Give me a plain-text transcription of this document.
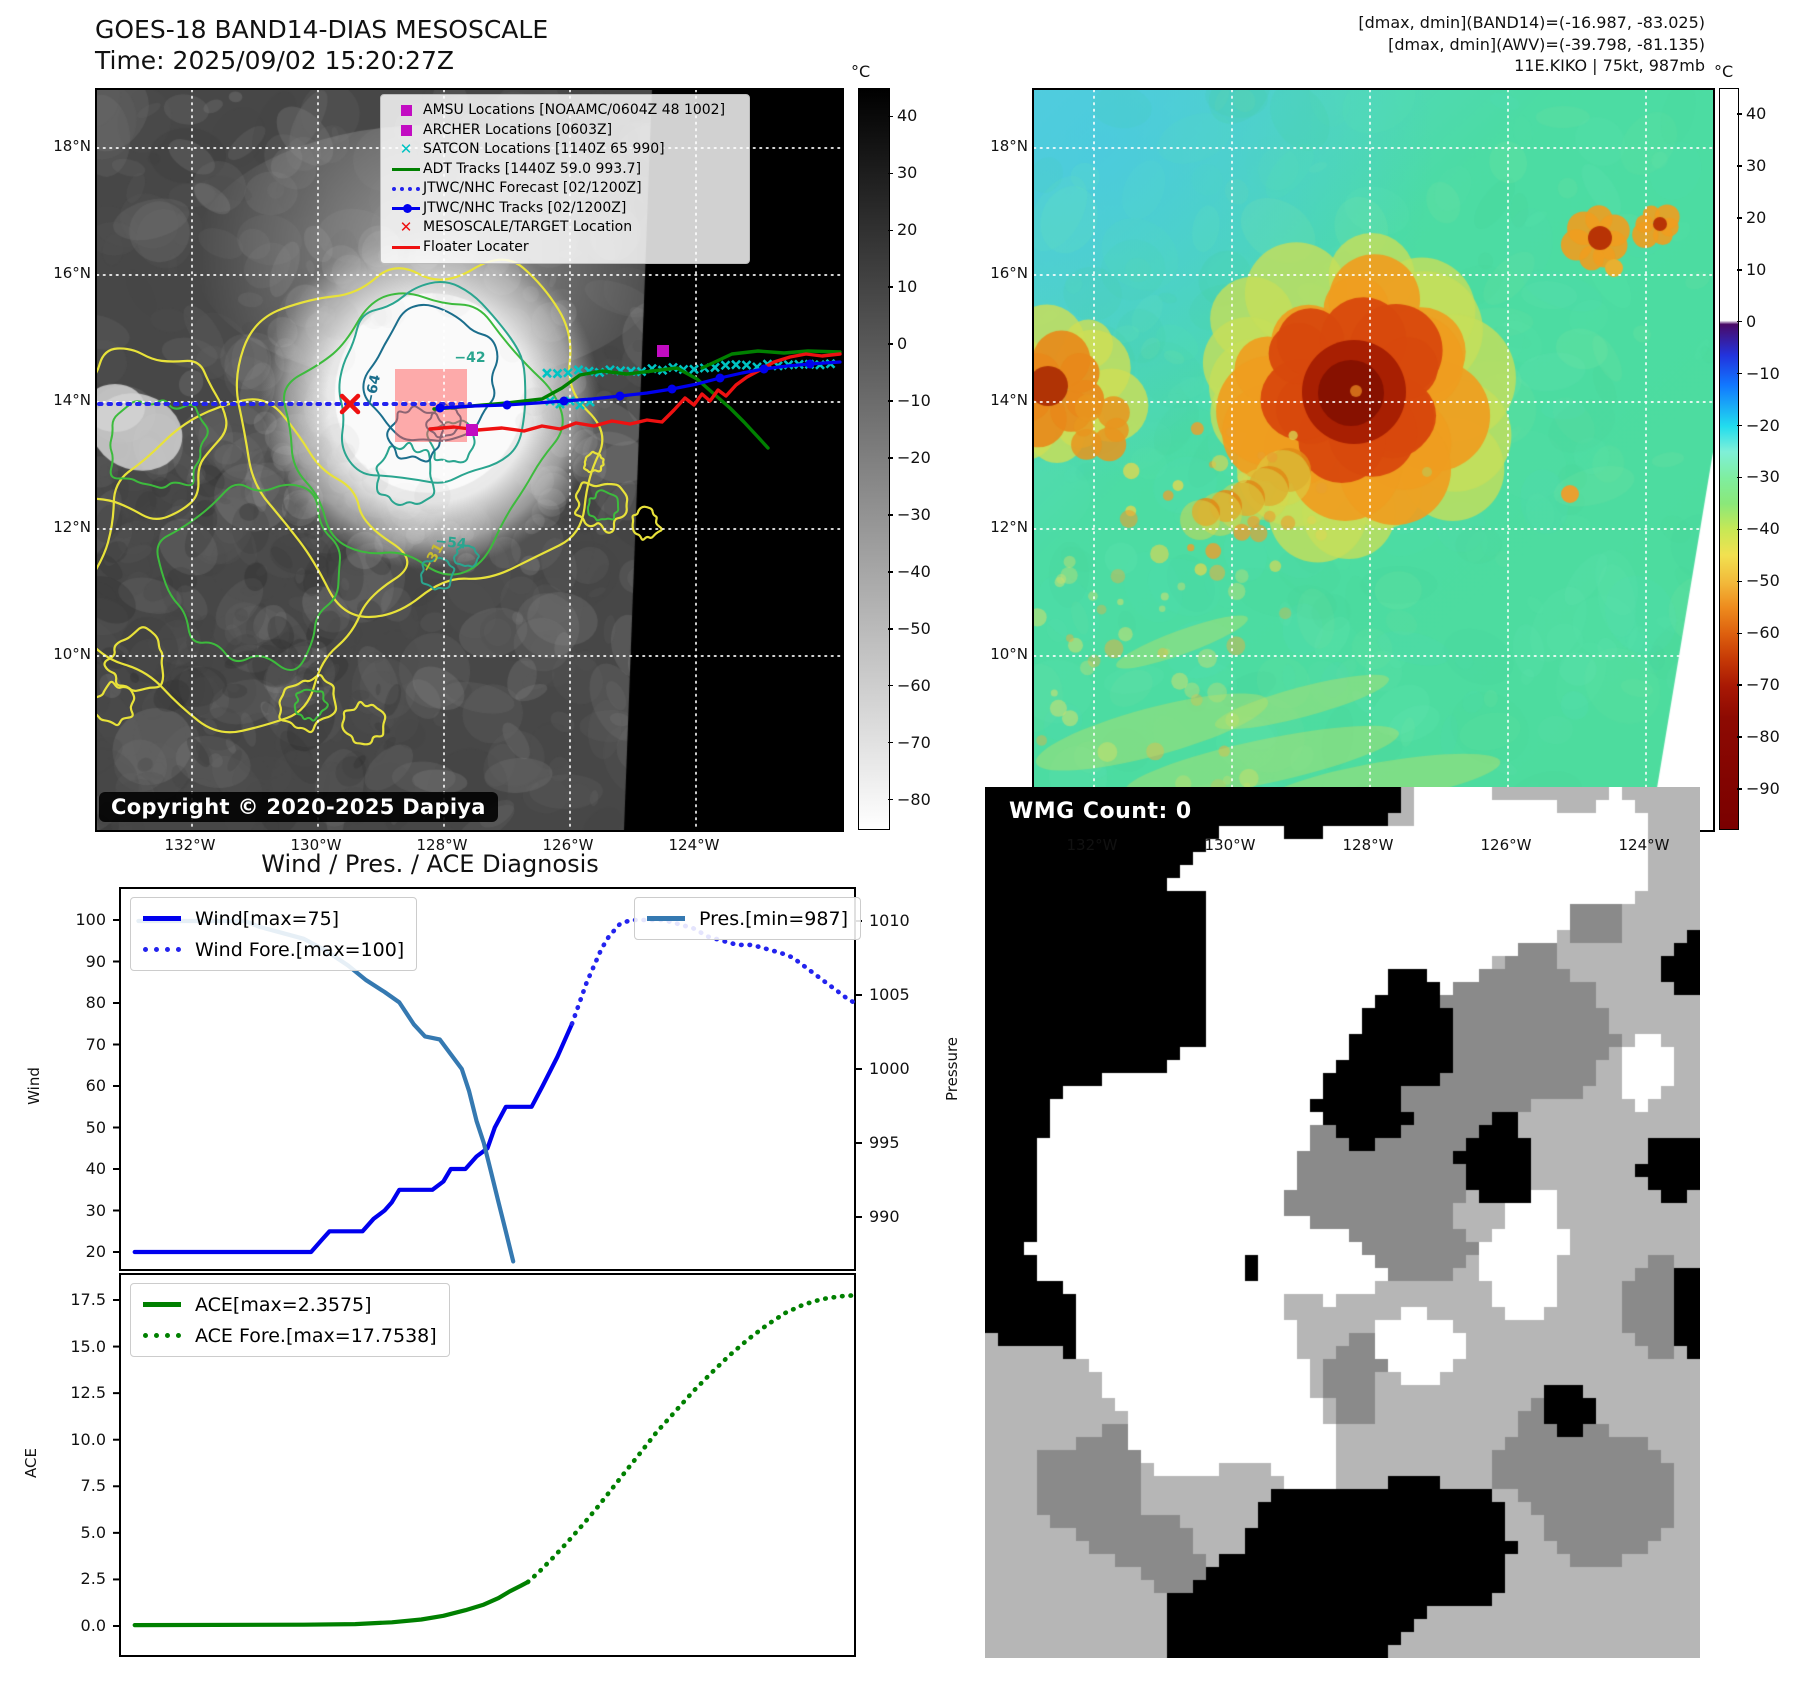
GOES-18 BAND14-DIAS MESOSCALE
Time: 2025/09/02 15:20:27Z
[dmax, dmin](BAND14)=(-16.987, -83.025)
[dmax, dmin](AWV)=(-39.798, -81.135)
11E.KIKO | 75kt, 987mb
AMSU Locations [NOAAMC/0604Z 48 1002]
ARCHER Locations [0603Z]
✕ SATCON Locations [1140Z 65 990]
ADT Tracks [1440Z 59.0 993.7]
JTWC/NHC Forecast [02/1200Z]
JTWC/NHC Tracks [02/1200Z]
✕ MESOSCALE/TARGET Location
Floater Locater
Copyright © 2020-2025 Dapiya
−42
−64
−54
−31
°C	°C
Wind / Pres. / ACE Diagnosis
Wind	Pressure
ACE
Wind[max=75]
Wind Fore.[max=100]
Pres.[min=987]
ACE[max=2.3575]
ACE Fore.[max=17.7538]
WMG Count: 0
18°N
16°N
14°N
12°N
10°N
132°W	130°W	128°W	126°W	124°W
18°N
16°N
14°N
12°N
10°N
132°W	130°W	128°W	126°W	124°W
40
30
20
10
0
−10
−20
−30
−40
−50
−60
−70
−80
40
30
20
10
0
−10
−20
−30
−40
−50
−60
−70
−80
−90
100
90
80
70
60
50
40
30
20
1010
1005
1000
995
990
17.5
15.0
12.5
10.0
7.5
5.0
2.5
0.0
